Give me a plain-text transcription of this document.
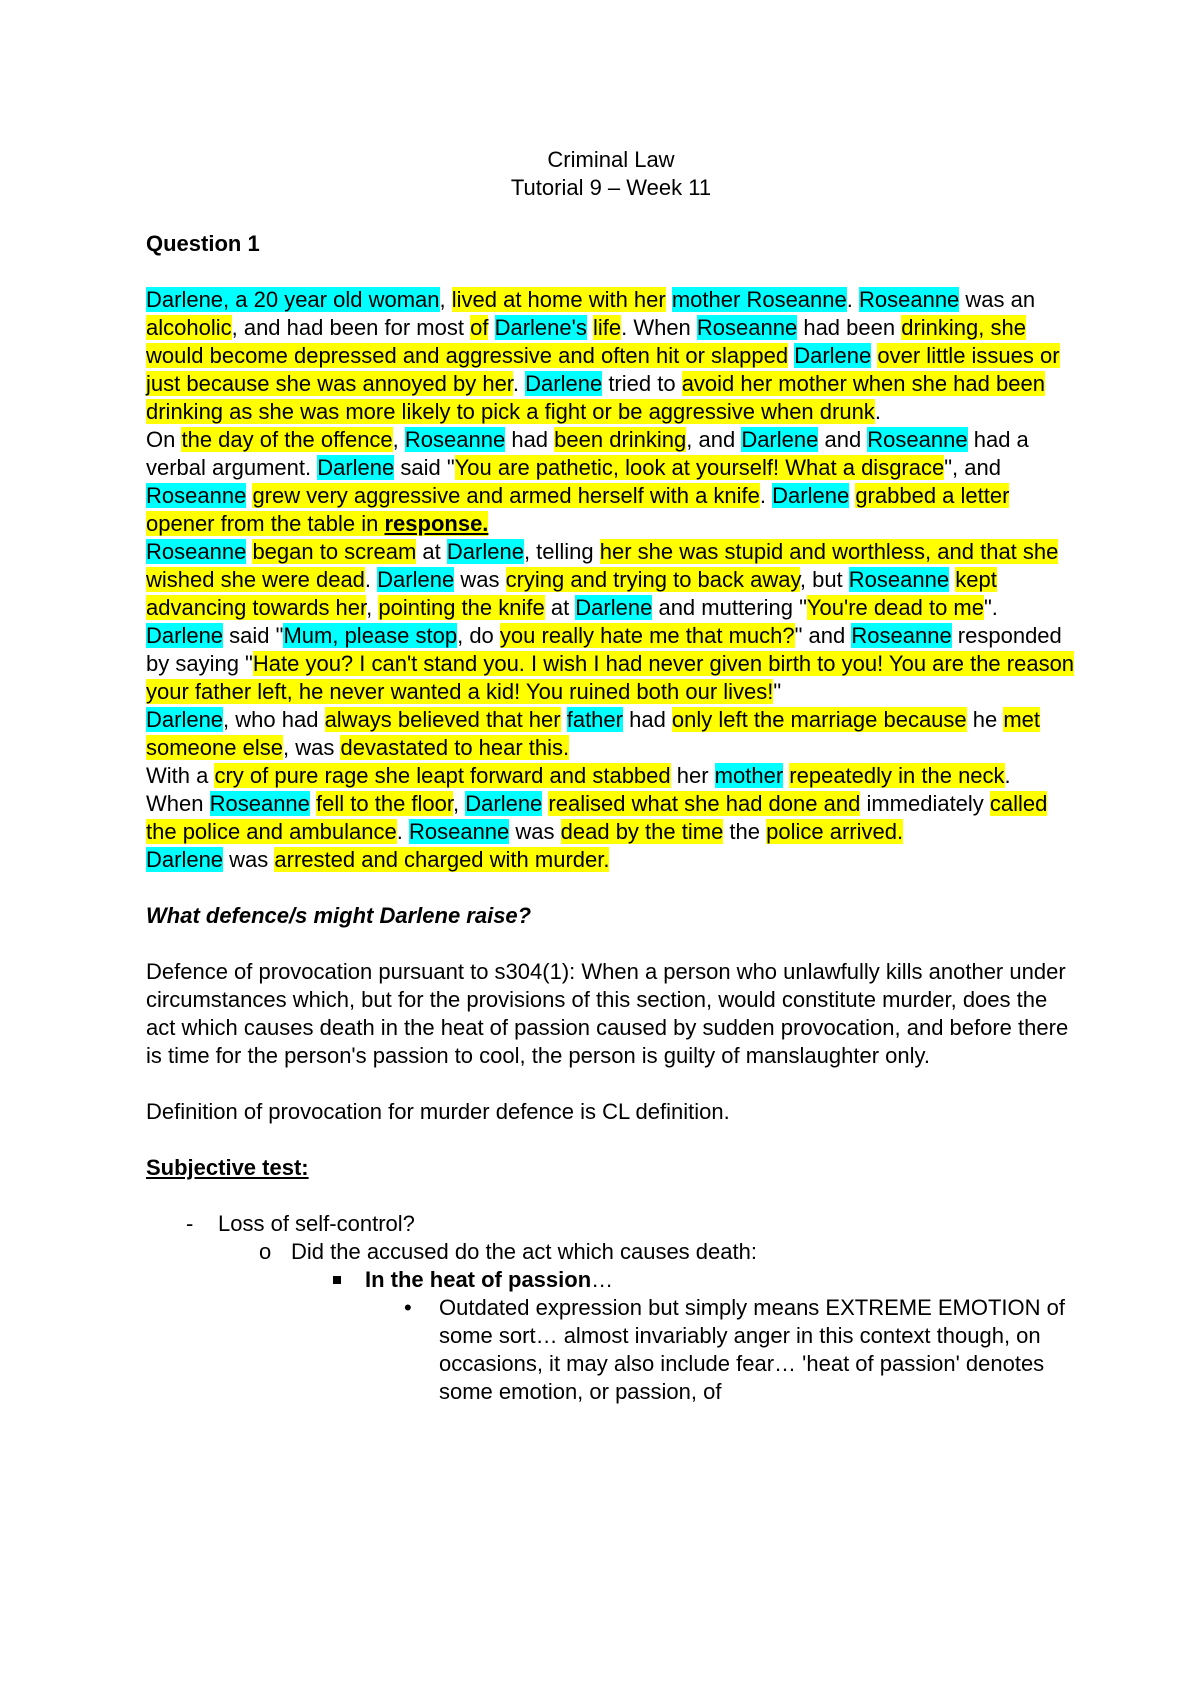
Criminal Law

Tutorial 9 – Week 11

Question 1

Darlene, a 20 year old woman, lived at home with her mother Roseanne. Roseanne was an alcoholic, and had been for most of Darlene's life. When Roseanne had been drinking, she would become depressed and aggressive and often hit or slapped Darlene over little issues or just because she was annoyed by her. Darlene tried to avoid her mother when she had been drinking as she was more likely to pick a fight or be aggressive when drunk.

On the day of the offence, Roseanne had been drinking, and Darlene and Roseanne had a verbal argument. Darlene said "You are pathetic, look at yourself! What a disgrace", and Roseanne grew very aggressive and armed herself with a knife. Darlene grabbed a letter opener from the table in response.

Roseanne began to scream at Darlene, telling her she was stupid and worthless, and that she wished she were dead. Darlene was crying and trying to back away, but Roseanne kept advancing towards her, pointing the knife at Darlene and muttering "You're dead to me". Darlene said "Mum, please stop, do you really hate me that much?" and Roseanne responded by saying "Hate you? I can't stand you. I wish I had never given birth to you! You are the reason your father left, he never wanted a kid! You ruined both our lives!"

Darlene, who had always believed that her father had only left the marriage because he met someone else, was devastated to hear this.

With a cry of pure rage she leapt forward and stabbed her mother repeatedly in the neck.

When Roseanne fell to the floor, Darlene realised what she had done and immediately called the police and ambulance. Roseanne was dead by the time the police arrived.

Darlene was arrested and charged with murder.

What defence/s might Darlene raise?

Defence of provocation pursuant to s304(1): When a person who unlawfully kills another under circumstances which, but for the provisions of this section, would constitute murder, does the act which causes death in the heat of passion caused by sudden provocation, and before there is time for the person's passion to cool, the person is guilty of manslaughter only.

Definition of provocation for murder defence is CL definition.

Subjective test:

- Loss of self-control?
o Did the accused do the act which causes death:
In the heat of passion…
• Outdated expression but simply means EXTREME EMOTION of some sort… almost invariably anger in this context though, on occasions, it may also include fear… 'heat of passion' denotes some emotion, or passion, of
